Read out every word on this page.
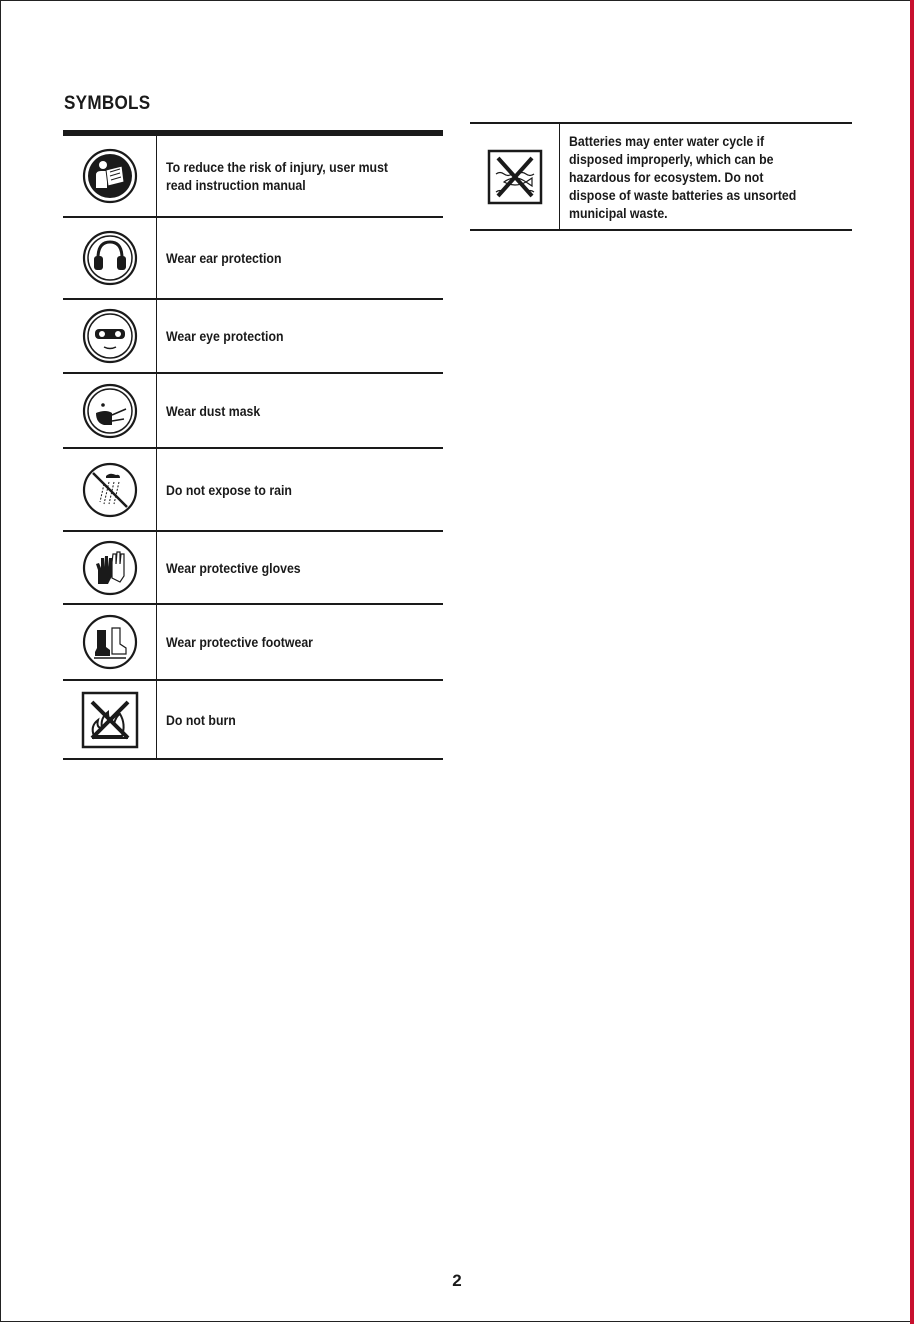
SYMBOLS
To reduce the risk of injury, user must
read instruction manual
Wear ear protection
Wear eye protection
Wear dust mask
Do not expose to rain
Wear protective gloves
Wear protective footwear
Do not burn
Batteries may enter water cycle if
disposed improperly, which can be
hazardous for ecosystem. Do not
dispose of waste batteries as unsorted
municipal waste.
2
